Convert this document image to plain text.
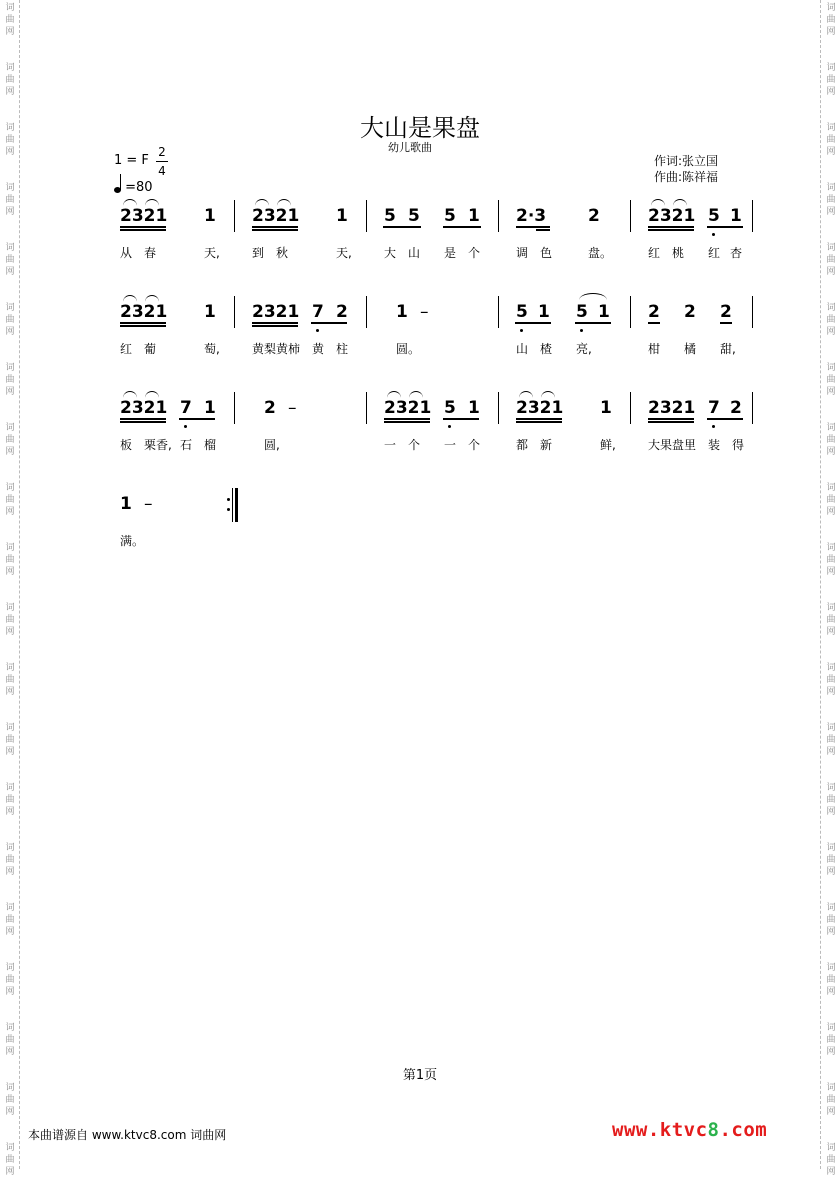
词
曲
网
词
曲
网
词
曲
网
词
曲
网
词
曲
网
词
曲
网
词
曲
网
词
曲
网
词
曲
网
词
曲
网
词
曲
网
词
曲
网
词
曲
网
词
曲
网
词
曲
网
词
曲
网
词
曲
网
词
曲
网
词
曲
网
词
曲
网
词
曲
网
词
曲
网
词
曲
网
词
曲
网
词
曲
网
词
曲
网
词
曲
网
词
曲
网
词
曲
网
词
曲
网
词
曲
网
词
曲
网
词
曲
网
词
曲
网
词
曲
网
词
曲
网
词
曲
网
词
曲
网
词
曲
网
词
曲
网
大山是果盘
幼儿歌曲
1 = F
2
4
=80
作词:张立国
作曲:陈祥福
2321 1 2321 1 5 5 5 1 2·3 2	2321 5 1
从 春	天,	到 秋	天,	大 山 是 个	调 色	盘。	红 桃 红 杏
2321 1 2321 7 2	1 –	5 1 5 1 2 2 2
红 葡	萄,	黄梨黄柿 黄 柱	圆。	山 楂 亮,	柑 橘 甜,
2321 7 1	2 –	2321 5 1 2321 1 2321 7 2
板 栗香, 石 榴	圆,	一 个 一 个	都 新	鲜,	大果盘里 装 得
1 –
满。
第1页
本曲谱源自 www.ktvc8.com 词曲网	www.ktvc8.com
